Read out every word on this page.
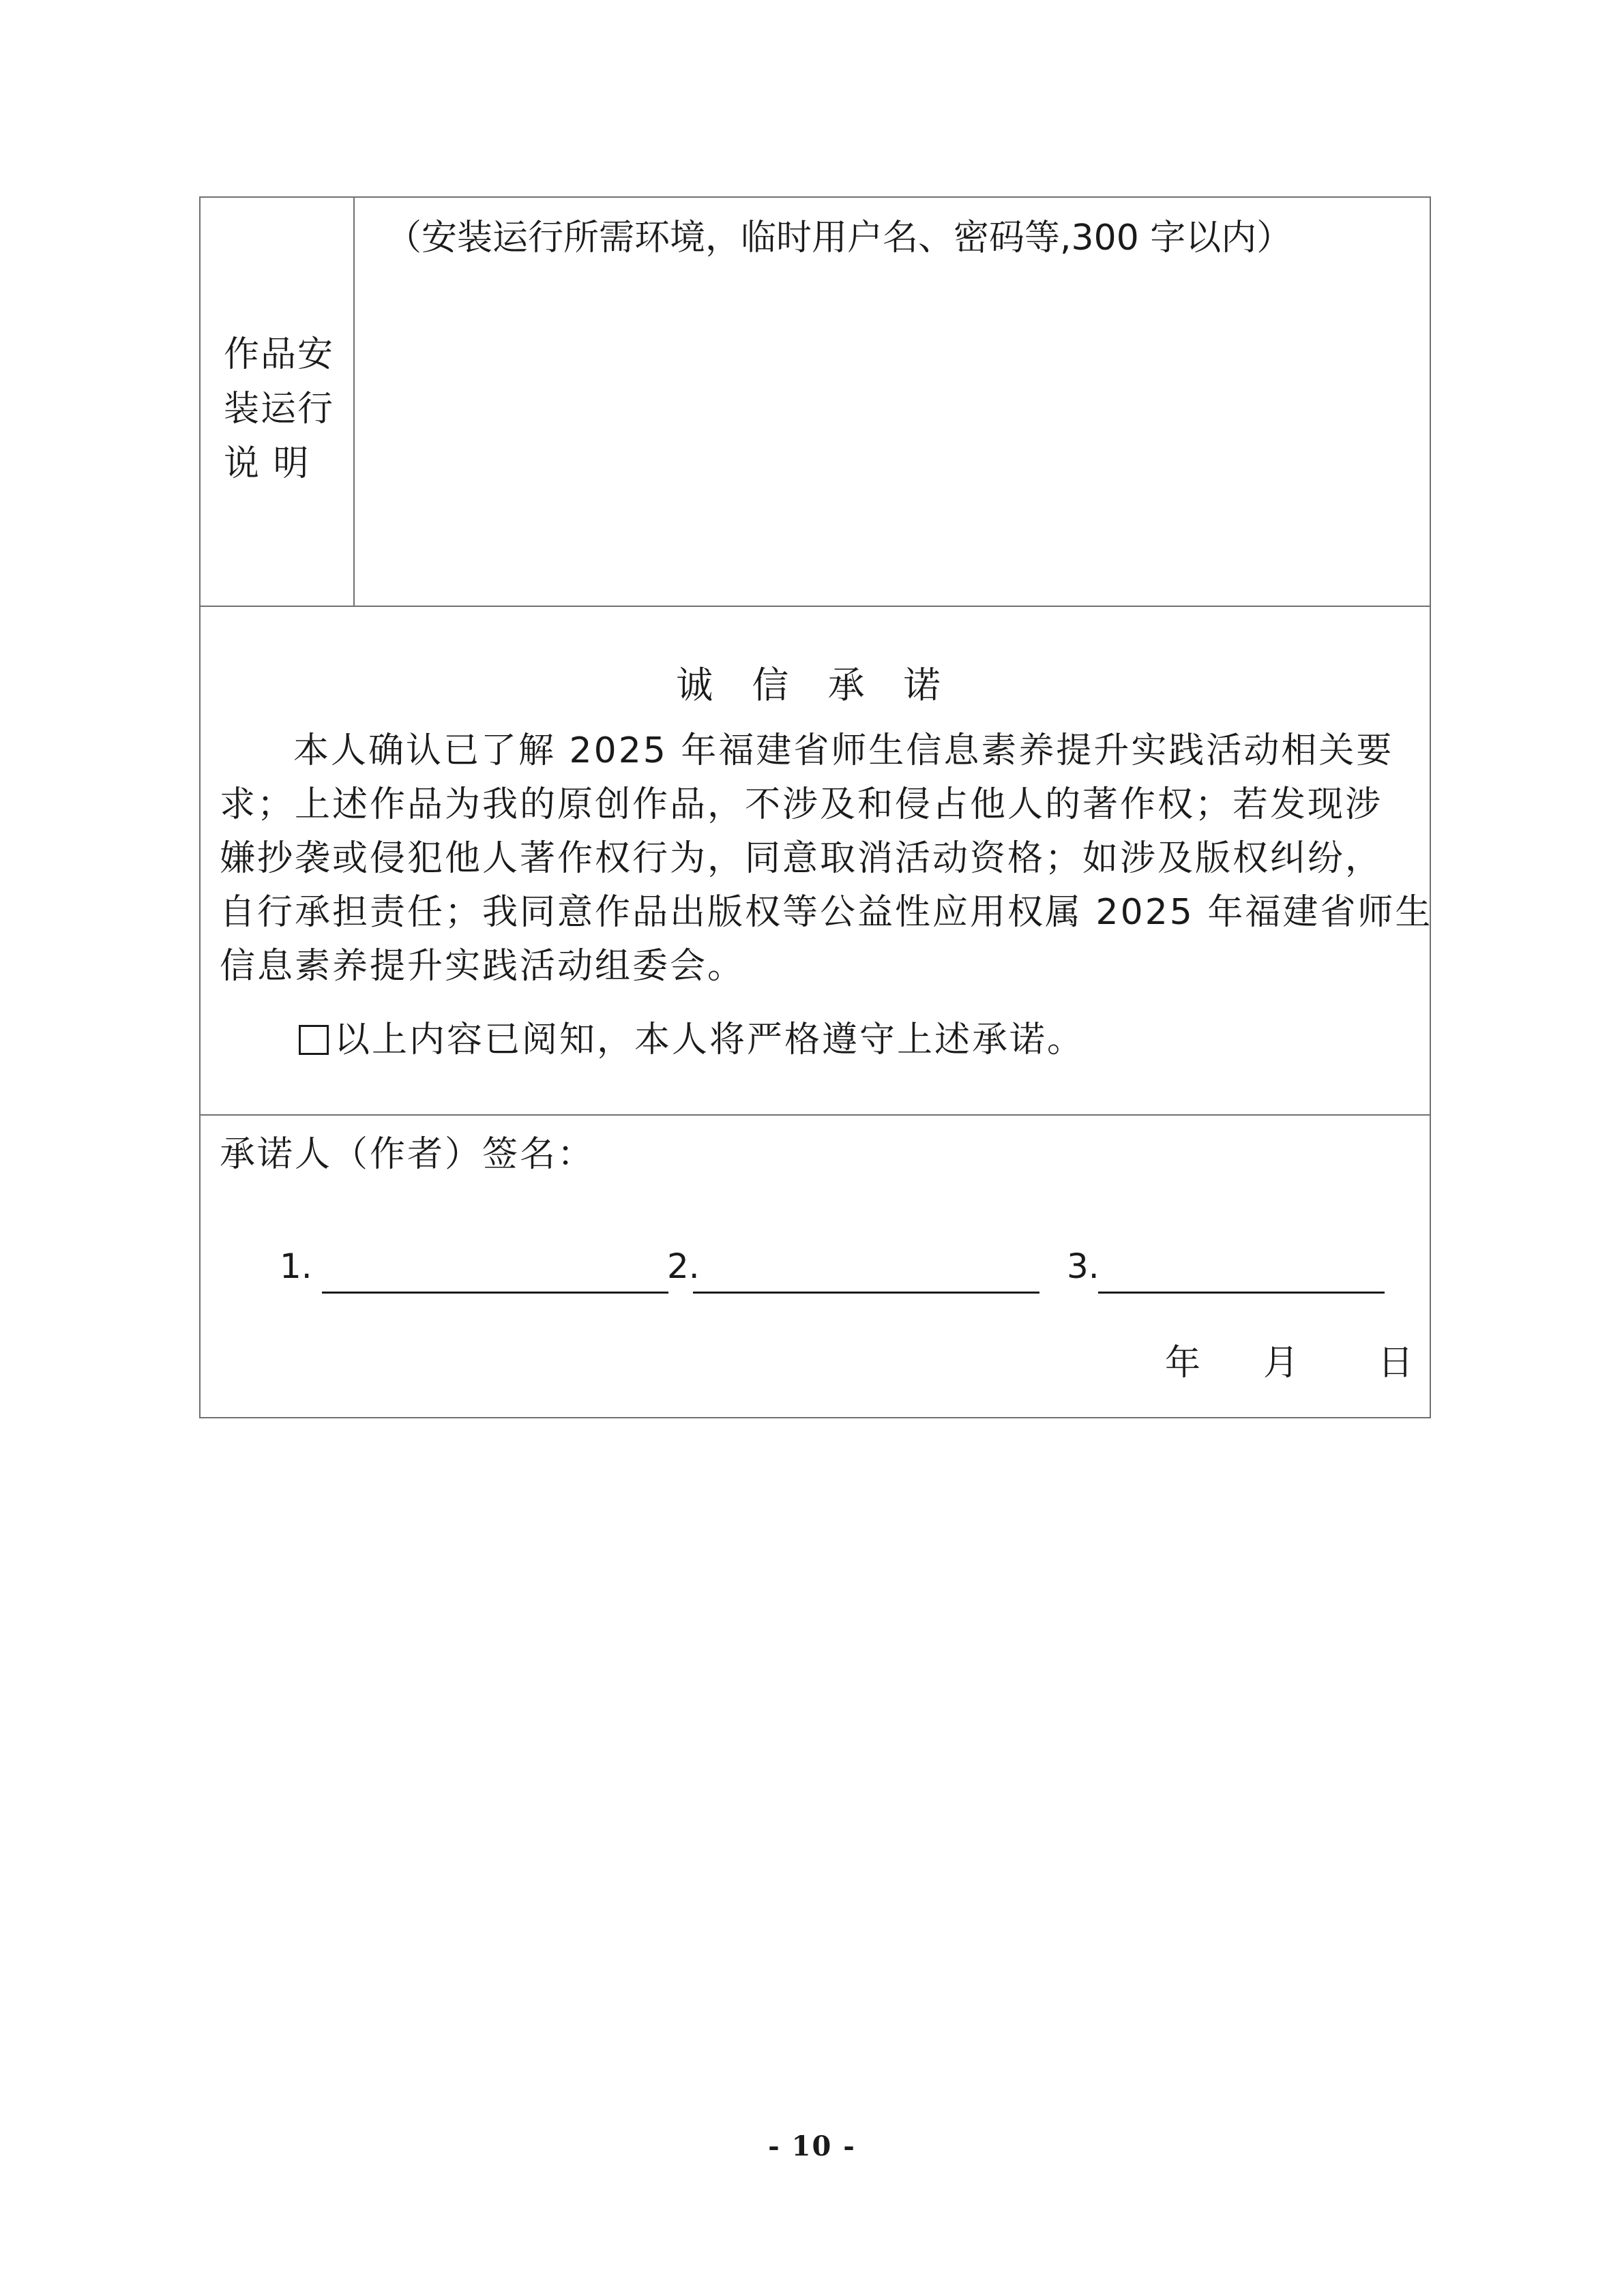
作品安
装运行
说 明
（安装运行所需环境，临时用户名、密码等,300 字以内）
诚 信 承 诺
本人确认已了解 2025 年福建省师生信息素养提升实践活动相关要
求；上述作品为我的原创作品，不涉及和侵占他人的著作权；若发现涉
嫌抄袭或侵犯他人著作权行为，同意取消活动资格；如涉及版权纠纷，
自行承担责任；我同意作品出版权等公益性应用权属 2025 年福建省师生
信息素养提升实践活动组委会。
以上内容已阅知，本人将严格遵守上述承诺。
承诺人（作者）签名：
1.	2.	3.
年 月 日
- 10 -
